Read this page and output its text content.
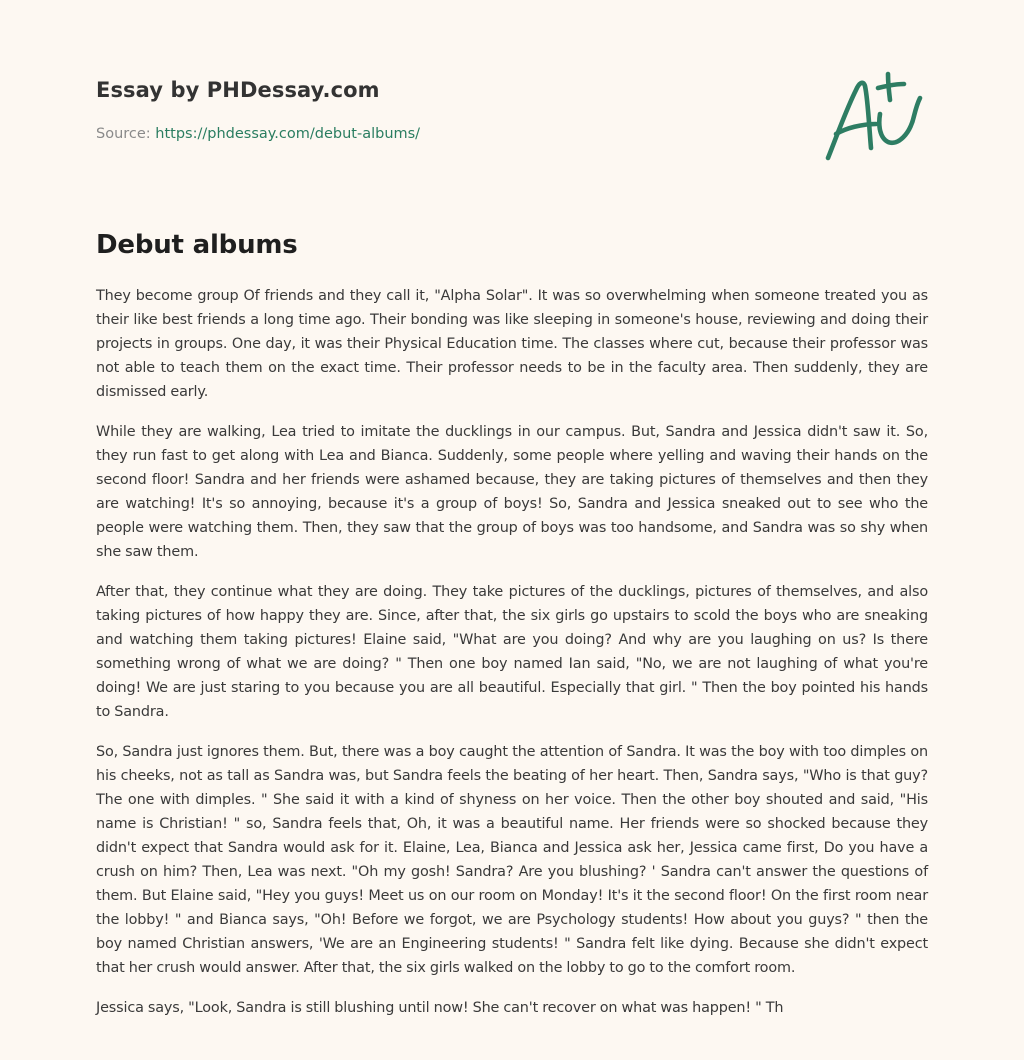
Essay by PHDessay.com
Source: https://phdessay.com/debut-albums/
Debut albums

They become group Of friends and they call it, "Alpha Solar". It was so overwhelming when someone treated you as their like best friends a long time ago. Their bonding was like sleeping in someone's house, reviewing and doing their projects in groups. One day, it was their Physical Education time. The classes where cut, because their professor was not able to teach them on the exact time. Their professor needs to be in the faculty area. Then suddenly, they are dismissed early.

While they are walking, Lea tried to imitate the ducklings in our campus. But, Sandra and Jessica didn't saw it. So, they run fast to get along with Lea and Bianca. Suddenly, some people where yelling and waving their hands on the second floor! Sandra and her friends were ashamed because, they are taking pictures of themselves and then they are watching! It's so annoying, because it's a group of boys! So, Sandra and Jessica sneaked out to see who the people were watching them. Then, they saw that the group of boys was too handsome, and Sandra was so shy when she saw them.

After that, they continue what they are doing. They take pictures of the ducklings, pictures of themselves, and also taking pictures of how happy they are. Since, after that, the six girls go upstairs to scold the boys who are sneaking and watching them taking pictures! Elaine said, "What are you doing? And why are you laughing on us? Is there something wrong of what we are doing? " Then one boy named Ian said, "No, we are not laughing of what you're doing! We are just staring to you because you are all beautiful. Especially that girl. " Then the boy pointed his hands to Sandra.

So, Sandra just ignores them. But, there was a boy caught the attention of Sandra. It was the boy with too dimples on his cheeks, not as tall as Sandra was, but Sandra feels the beating of her heart. Then, Sandra says, "Who is that guy? The one with dimples. " She said it with a kind of shyness on her voice. Then the other boy shouted and said, "His name is Christian! " so, Sandra feels that, Oh, it was a beautiful name. Her friends were so shocked because they didn't expect that Sandra would ask for it. Elaine, Lea, Bianca and Jessica ask her, Jessica came first, Do you have a crush on him? Then, Lea was next. "Oh my gosh! Sandra? Are you blushing? ' Sandra can't answer the questions of them. But Elaine said, "Hey you guys! Meet us on our room on Monday! It's it the second floor! On the first room near the lobby! " and Bianca says, "Oh! Before we forgot, we are Psychology students! How about you guys? " then the boy named Christian answers, 'We are an Engineering students! " Sandra felt like dying. Because she didn't expect that her crush would answer. After that, the six girls walked on the lobby to go to the comfort room.

Jessica says, "Look, Sandra is still blushing until now! She can't recover on what was happen! " Th
